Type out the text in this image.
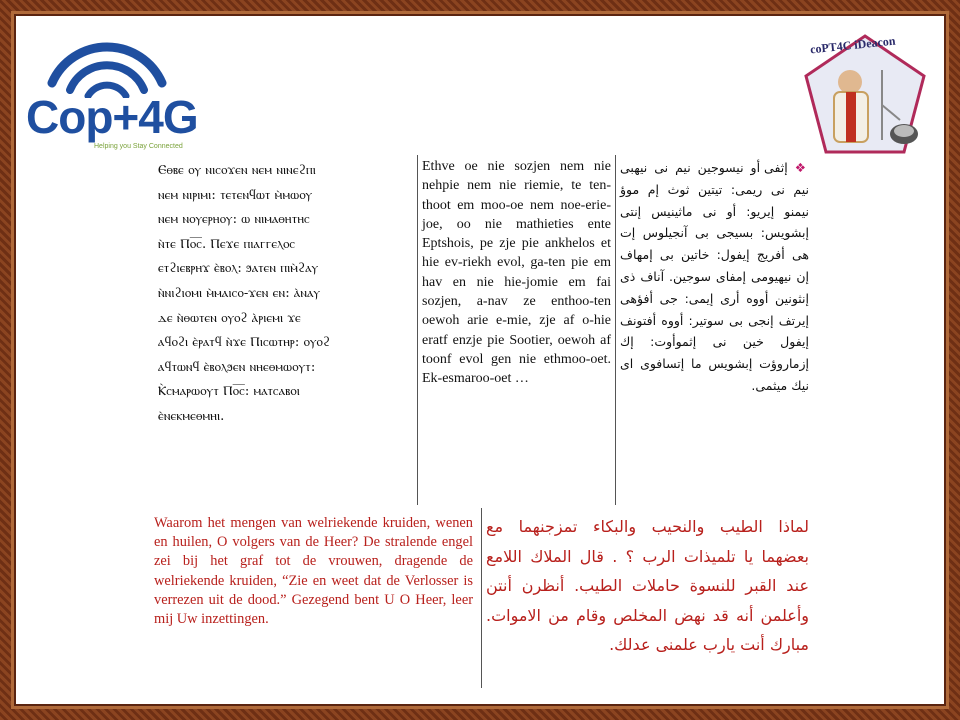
Cop+4G
Helping you Stay Connected
coPT4C iDeacon
Ⲉⲑⲃⲉ ⲟⲩ ⲛⲓⲥⲟϫⲉⲛ ⲛⲉⲙ ⲛⲓⲛⲉϩⲡⲓ
ⲛⲉⲙ ⲛⲓⲣⲓⲙⲓ: ⲧⲉⲧⲉⲛϥⲱⲧ ⲙ̀ⲙⲱⲟⲩ
ⲛⲉⲙ ⲛⲟⲩⲉⲣⲏⲟⲩ: ⲱ ⲛⲓⲙⲁⲑⲏⲧⲏⲥ
ⲛ̀ⲧⲉ Ⲡⲟ̅ⲥ̅. Ⲡⲉϫⲉ ⲡⲓⲁⲅⲅⲉⲗⲟⲥ
ⲉⲧϩⲓⲉⲃⲣⲏϫ ⲉ̀ⲃⲟⲗ: ϧⲁⲧⲉⲛ ⲡⲓⲙ̀ϩⲁⲩ
ⲛ̀ⲛⲓϩⲓⲟⲙⲓ ⲙ̀ⲙⲁⲓⲥⲟ-ϫⲉⲛ ⲉⲛ: ⲁ̀ⲛⲁⲩ
ⲇⲉ ⲛ̀ⲑⲱⲧⲉⲛ ⲟⲩⲟϩ ⲁ̀ⲣⲓⲉⲙⲓ ϫⲉ
ⲁϥⲟϩⲓ ⲉ̀ⲣⲁⲧϥ ⲛ̀ϫⲉ Ⲡⲓⲥⲱⲧⲏⲣ: ⲟⲩⲟϩ
ⲁϥⲧⲱⲛϥ ⲉ̀ⲃⲟⲗϧⲉⲛ ⲛⲏⲉⲑⲙⲱⲟⲩⲧ:
Ⲕ̀ⲥⲙⲁⲣⲱⲟⲩⲧ Ⲡⲟ̅ⲥ̅: ⲙⲁⲧⲥⲁⲃⲟⲓ
ⲉ̀ⲛⲉⲕⲙⲉⲑⲙⲏⲓ.
Ethve oe nie sozjen nem nie nehpie nem nie riemie, te ten-thoot em moo-oe nem noe-erie-joe, oo nie mathieties ente Eptshois, pe zje pie ankhelos et hie ev-riekh evol, ga-ten pie em hav en nie hie-jomie em fai sozjen, a-nav ze enthoo-ten oewoh arie e-mie, zje af o-hie eratf enzje pie Sootier, oewoh af toonf evol gen nie ethmoo-oet. Ek-esmaroo-oet …
❖ إثفى أو نيسوجين نيم نى نيهبى نيم نى ريمى: تيتين ثوث إم موؤ نيمنو إيريو: أو نى ماثينيس إنتى إبشويس: بسيجى بى آنجيلوس إت هى أفريج إيفول: خاتين بى إمهاف إن نيهيومى إمفاى سوجين. آناف ذى إنثونين أووه أرى إيمى: جى أفؤهى إيرتف إنجى بى سوتير: أووه أفتونف إيفول خين نى إثموأوت: إك إزماروؤت إبشويس ما إتسافوى اى نيك ميثمى.
Waarom het mengen van welriekende kruiden, wenen en huilen, O volgers van de Heer? De stralende engel zei bij het graf tot de vrouwen, dragende de welriekende kruiden, “Zie en weet dat de Verlosser is verrezen uit de dood.” Gezegend bent U O Heer, leer mij Uw inzettingen.
لماذا الطيب والنحيب والبكاء تمزجنهما مع بعضهما يا تلميذات الرب ؟ . قال الملاك اللامع عند القبر للنسوة حاملات الطيب. أنظرن أنتن وأعلمن أنه قد نهض المخلص وقام من الاموات. مبارك أنت يارب علمنى عدلك.
